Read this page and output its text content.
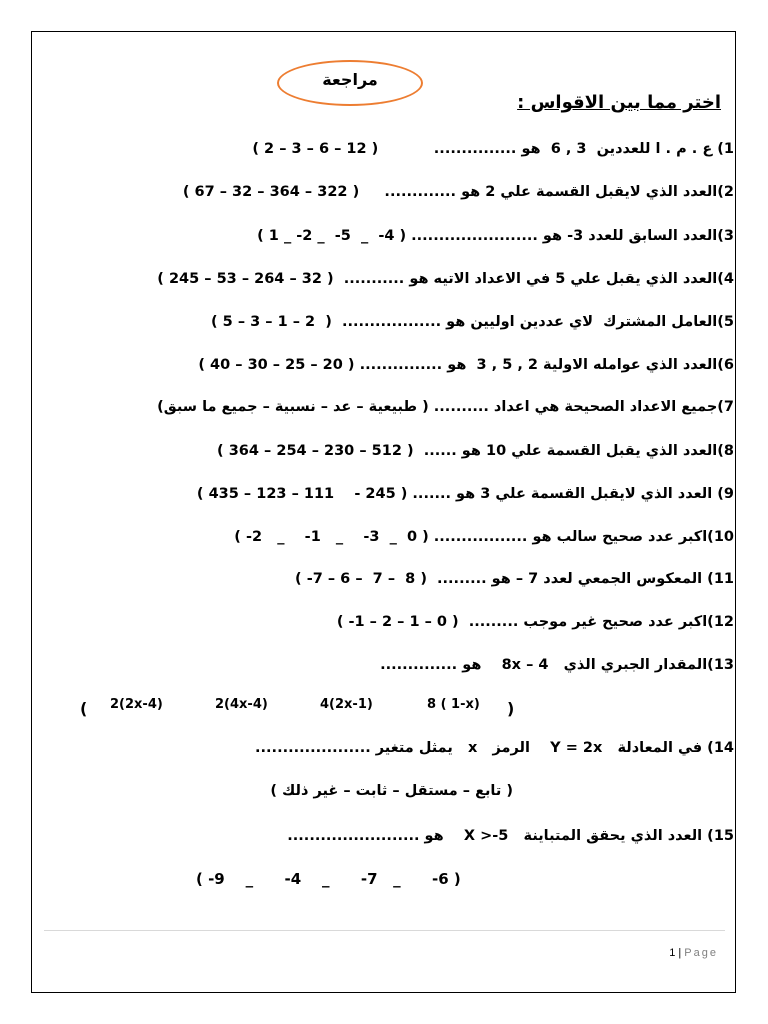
مراجعة
اختر مما بين الاقواس :
1) ع . م . ا للعددين  3 , 6  هو ...............           ( 12 – 6 – 3 – 2 )
2)العدد الذي لايقبل القسمة علي 2 هو .............     ( 322 – 364 – 32 – 67 )
3)العدد السابق للعدد 3- هو ....................... ( 4-  _  5-  _ 2- _ 1 )
4)العدد الذي يقبل علي 5 في الاعداد الاتيه هو ...........  ( 32 – 264 – 53 – 245 )
5)العامل المشترك  لاي عددين اوليين هو ..................  (  2 – 1 – 3 – 5 )
6)العدد الذي عوامله الاولية 2 , 5 , 3  هو ............... ( 20 – 25 – 30 – 40 )
7)جميع الاعداد الصحيحة هي اعداد .......... ( طبيعية – عد – نسبية – جميع ما سبق)
8)العدد الذي يقبل القسمة علي 10 هو ......  ( 512 – 230 – 254 – 364 )
9) العدد الذي لايقبل القسمة علي 3 هو ....... ( 245 -    111 – 123 – 435 )
10)اكبر عدد صحيح سالب هو ................. ( 0  _  3-    _   1-    _   2- )
11) المعكوس الجمعي لعدد 7 – هو .........  ( 8  – 7  – 6 – 7- )
12)اكبر عدد صحيح غير موجب .........  ( 0 – 1 – 2 – 1- )
13)المقدار الجبري الذي   4 – 8x    هو ..............
( 2(2x-4)	2(4x-4)	4(2x-1)	8 ( 1-x) )
14) في المعادلة   Y = 2x    الرمز   x   يمثل متغير .....................
( تابع – مستقل – ثابت – غير ذلك )
15) العدد الذي يحقق المتباينة   5-< X    هو ........................
( -9    _      -4    _      -7   _      -6 )
1 | Page
